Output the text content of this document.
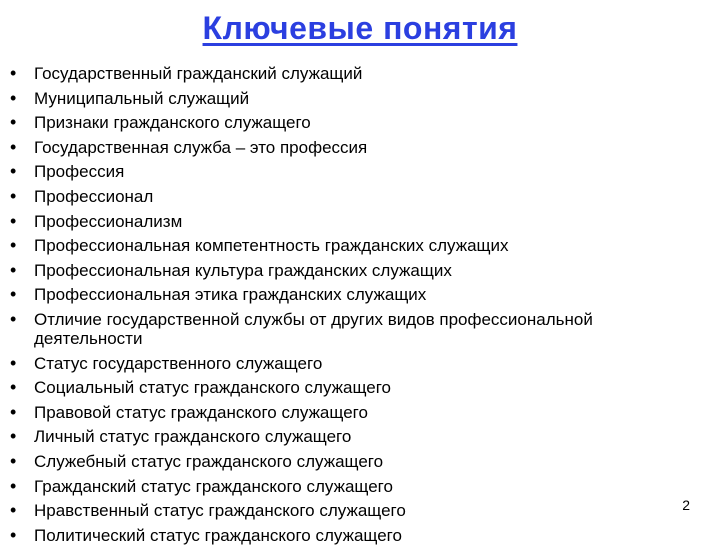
Ключевые понятия
• Государственный гражданский служащий
• Муниципальный служащий
• Признаки гражданского служащего
• Государственная служба – это профессия
• Профессия
• Профессионал
• Профессионализм
• Профессиональная компетентность гражданских служащих
• Профессиональная культура гражданских служащих
• Профессиональная этика гражданских служащих
• Отличие государственной службы от других видов профессиональной деятельности
• Статус государственного служащего
• Социальный статус гражданского служащего
• Правовой статус гражданского служащего
• Личный статус гражданского служащего
• Служебный статус гражданского служащего
• Гражданский статус гражданского служащего
• Нравственный статус гражданского служащего
• Политический статус гражданского служащего
2
